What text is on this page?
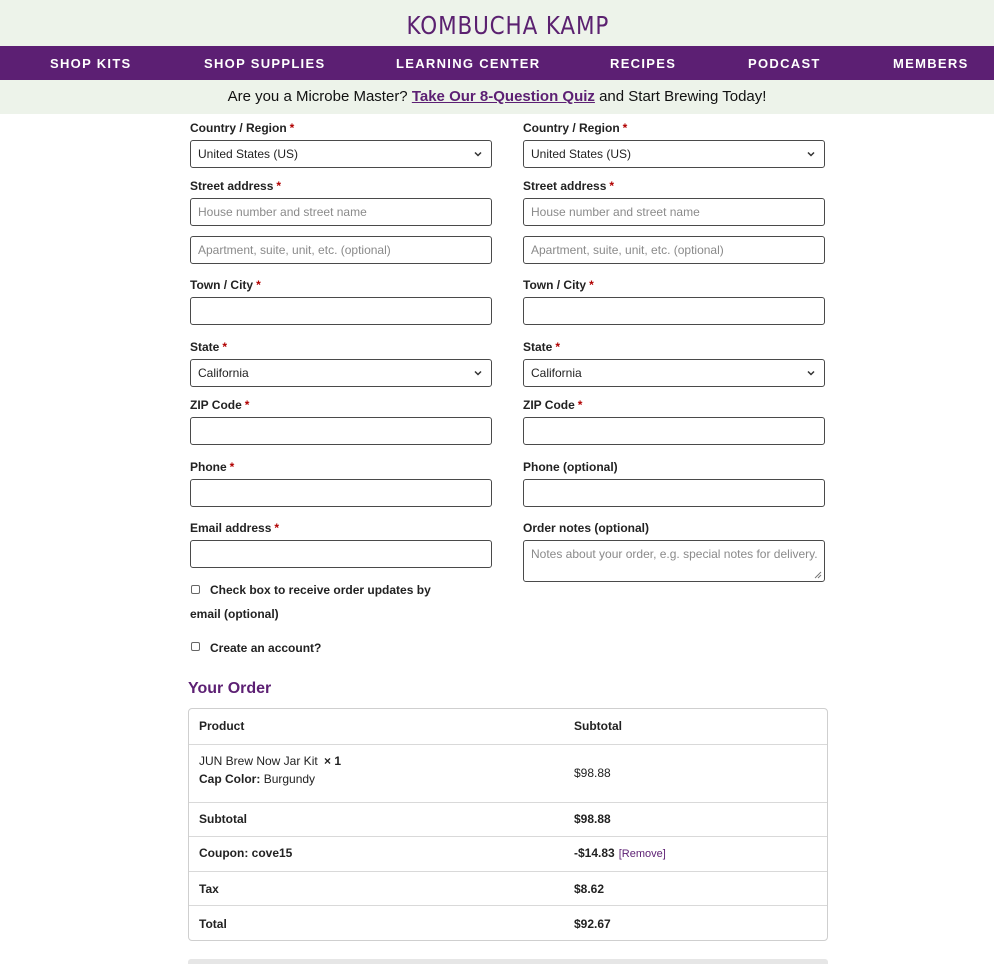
KOMBUCHA KAMP
SHOP KITS	SHOP SUPPLIES	LEARNING CENTER	RECIPES	PODCAST	MEMBERS
Are you a Microbe Master? Take Our 8-Question Quiz and Start Brewing Today!
Country / Region *
United States (US)
Street address *
House number and street name
Apartment, suite, unit, etc. (optional)
Town / City *
State *
California
ZIP Code *
Phone *
Email address *
Check box to receive order updates by
email (optional)
Create an account?
Country / Region *
United States (US)
Street address *
House number and street name
Apartment, suite, unit, etc. (optional)
Town / City *
State *
California
ZIP Code *
Phone (optional)
Order notes (optional)
Notes about your order, e.g. special notes for delivery.
Your Order
Product	Subtotal
JUN Brew Now Jar Kit × 1
Cap Color: Burgundy	$98.88
Subtotal	$98.88
Coupon: cove15	-$14.83 [Remove]
Tax	$8.62
Total	$92.67
